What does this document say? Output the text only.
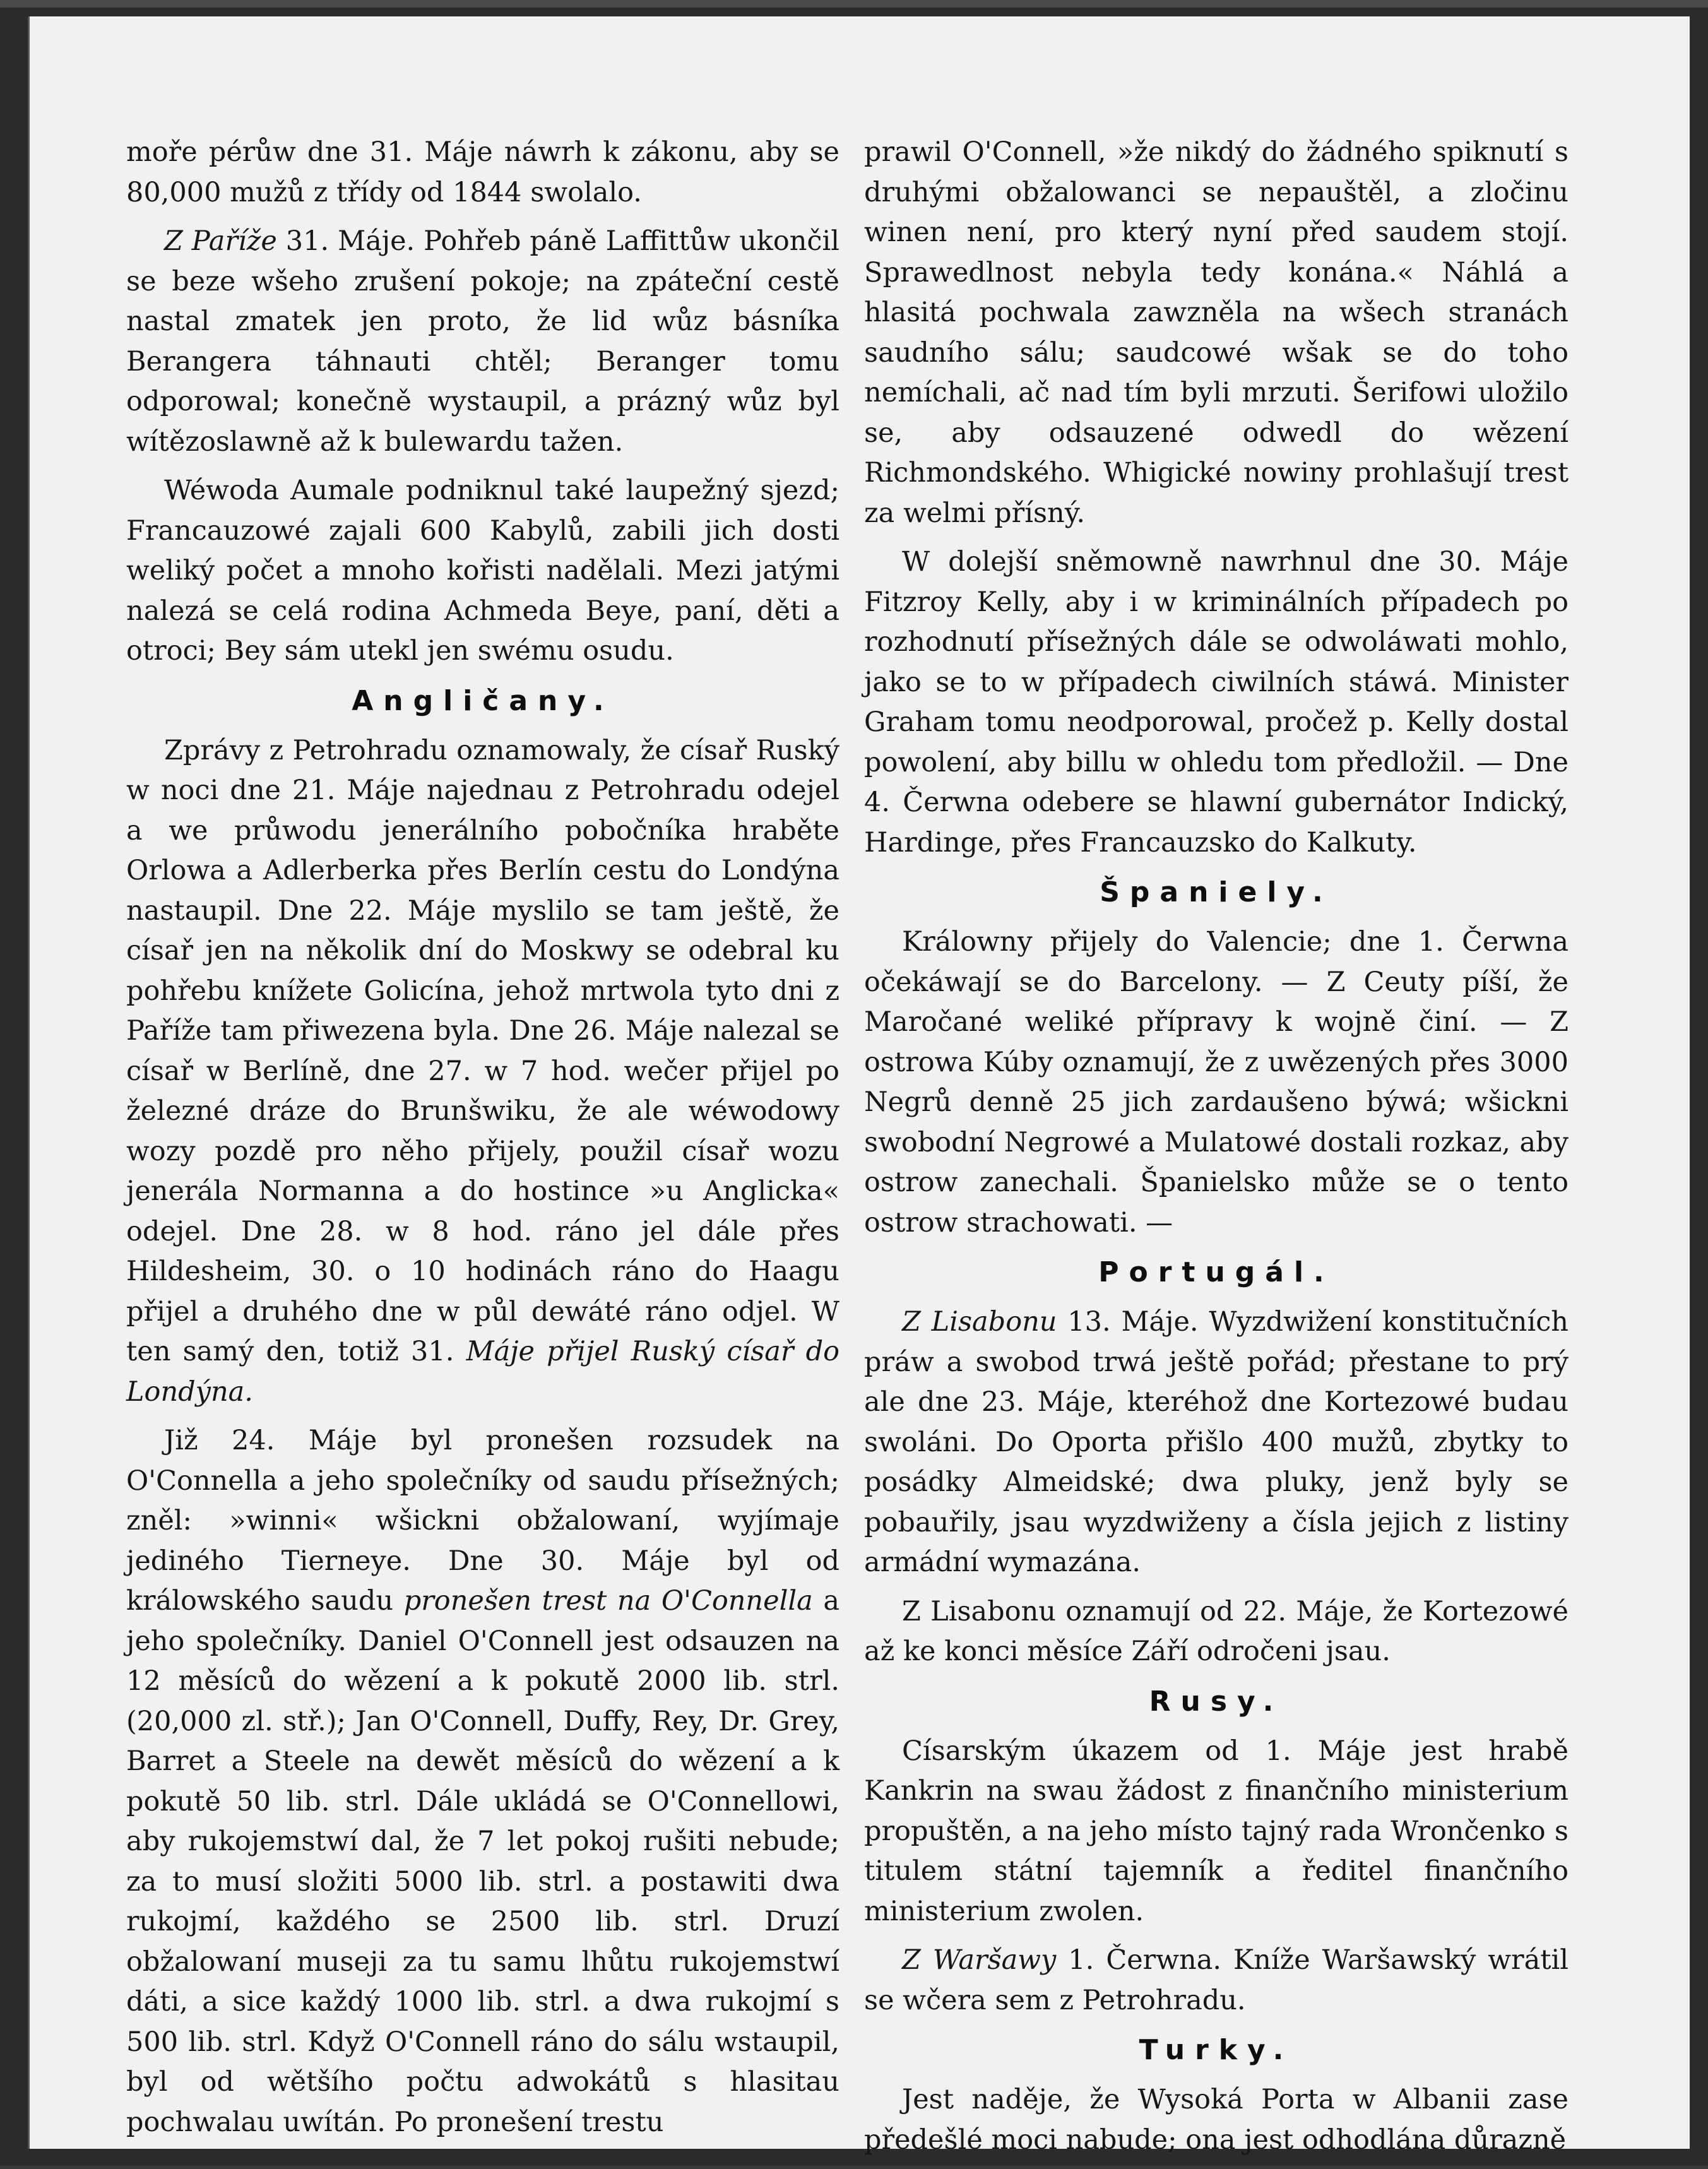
moře pérůw dne 31. Máje náwrh k zákonu, aby se 80,000 mužů z třídy od 1844 swolalo.

Z Paříže 31. Máje. Pohřeb páně Laffittůw ukončil se beze wšeho zrušení pokoje; na zpáteční cestě nastal zmatek jen proto, že lid wůz básníka Berangera táhnauti chtěl; Beranger tomu odporowal; konečně wystaupil, a prázný wůz byl wítězoslawně až k bulewardu tažen.

Wéwoda Aumale podniknul také laupežný sjezd; Francauzowé zajali 600 Kabylů, zabili jich dosti weliký počet a mnoho kořisti nadělali. Mezi jatými nalezá se celá rodina Achmeda Beye, paní, děti a otroci; Bey sám utekl jen swému osudu.

Angličany.

Zprávy z Petrohradu oznamowaly, že císař Ruský w noci dne 21. Máje najednau z Petrohradu odejel a we průwodu jenerálního pobočníka hraběte Orlowa a Adlerberka přes Berlín cestu do Londýna nastaupil. Dne 22. Máje myslilo se tam ještě, že císař jen na několik dní do Moskwy se odebral ku pohřebu knížete Golicína, jehož mrtwola tyto dni z Paříže tam přiwezena byla. Dne 26. Máje nalezal se císař w Berlíně, dne 27. w 7 hod. wečer přijel po železné dráze do Brunšwiku, že ale wéwodowy wozy pozdě pro něho přijely, použil císař wozu jenerála Normanna a do hostince »u Anglicka« odejel. Dne 28. w 8 hod. ráno jel dále přes Hildesheim, 30. o 10 hodinách ráno do Haagu přijel a druhého dne w půl dewáté ráno odjel. W ten samý den, totiž 31. Máje přijel Ruský císař do Londýna.

Již 24. Máje byl pronešen rozsudek na O'Connella a jeho společníky od saudu přísežných; zněl: »winni« wšickni obžalowaní, wyjímaje jediného Tierneye. Dne 30. Máje byl od králowského saudu pronešen trest na O'Connella a jeho společníky. Daniel O'Connell jest odsauzen na 12 měsíců do wězení a k pokutě 2000 lib. strl. (20,000 zl. stř.); Jan O'Connell, Duffy, Rey, Dr. Grey, Barret a Steele na dewět měsíců do wězení a k pokutě 50 lib. strl. Dále ukládá se O'Connellowi, aby rukojemstwí dal, že 7 let pokoj rušiti nebude; za to musí složiti 5000 lib. strl. a postawiti dwa rukojmí, každého se 2500 lib. strl. Druzí obžalowaní museji za tu samu lhůtu rukojemstwí dáti, a sice každý 1000 lib. strl. a dwa rukojmí s 500 lib. strl. Když O'Connell ráno do sálu wstaupil, byl od wětšího počtu adwokátů s hlasitau pochwalau uwítán. Po pronešení trestu

prawil O'Connell, »že nikdý do žádného spiknutí s druhými obžalowanci se nepauštěl, a zločinu winen není, pro který nyní před saudem stojí. Sprawedlnost nebyla tedy konána.« Náhlá a hlasitá pochwala zawzněla na wšech stranách saudního sálu; saudcowé wšak se do toho nemíchali, ač nad tím byli mrzuti. Šerifowi uložilo se, aby odsauzené odwedl do wězení Richmondského. Whigické nowiny prohlašují trest za welmi přísný.

W dolejší sněmowně nawrhnul dne 30. Máje Fitzroy Kelly, aby i w kriminálních případech po rozhodnutí přísežných dále se odwoláwati mohlo, jako se to w případech ciwilních stáwá. Minister Graham tomu neodporowal, pročež p. Kelly dostal powolení, aby billu w ohledu tom předložil. — Dne 4. Čerwna odebere se hlawní gubernátor Indický, Hardinge, přes Francauzsko do Kalkuty.

Španiely.

Králowny přijely do Valencie; dne 1. Čerwna očekáwají se do Barcelony. — Z Ceuty píší, že Maročané weliké přípravy k wojně činí. — Z ostrowa Kúby oznamují, že z uwězených přes 3000 Negrů denně 25 jich zardaušeno býwá; wšickni swobodní Negrowé a Mulatowé dostali rozkaz, aby ostrow zanechali. Španielsko může se o tento ostrow strachowati. —

Portugál.

Z Lisabonu 13. Máje. Wyzdwižení konstitučních práw a swobod trwá ještě pořád; přestane to prý ale dne 23. Máje, kteréhož dne Kortezowé budau swoláni. Do Oporta přišlo 400 mužů, zbytky to posádky Almeidské; dwa pluky, jenž byly se pobauřily, jsau wyzdwiženy a čísla jejich z listiny armádní wymazána.

Z Lisabonu oznamují od 22. Máje, že Kortezowé až ke konci měsíce Září odročeni jsau.

Rusy.

Císarským úkazem od 1. Máje jest hrabě Kankrin na swau žádost z finančního ministerium propuštěn, a na jeho místo tajný rada Wrončenko s titulem státní tajemník a ředitel finančního ministerium zwolen.

Z Waršawy 1. Čerwna. Kníže Waršawský wrátil se wčera sem z Petrohradu.

Turky.

Jest naděje, že Wysoká Porta w Albanii zase předešlé moci nabude; ona jest odhodlána důrazně
